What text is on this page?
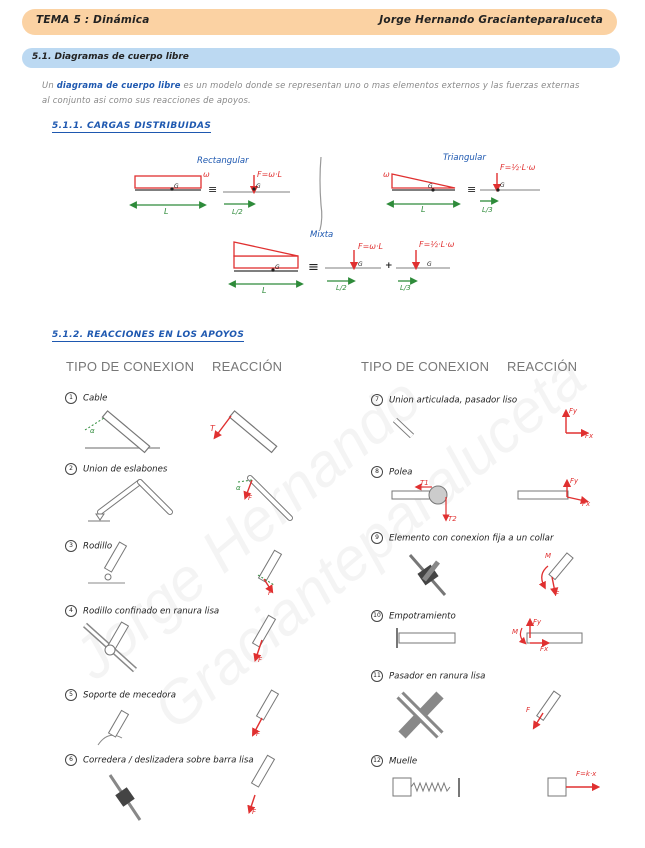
TEMA 5 : Dinámica	Jorge Hernando Gracianteparaluceta
5.1. Diagramas de cuerpo libre
Un diagrama de cuerpo libre es un modelo donde se representan uno o mas elementos externos y las fuerzas externas
al conjunto asi como sus reacciones de apoyos.
5.1.1. CARGAS DISTRIBUIDAS
Rectangular	Triangular
Mixta
ω
G
F=ω·L
G
L	L/2
≡
ω
G
F=½·L·ω
G
L	L/3
≡
G
L
≡
F=ω·L
G +
F=½·L·ω
G
L/2	L/3
5.1.2. REACCIONES EN LOS APOYOS
TIPO DE CONEXION REACCIÓN	TIPO DE CONEXION REACCIÓN
1 Cable
2 Union de eslabones
3 Rodillo
4 Rodillo confinado en ranura lisa
5 Soporte de mecedora
6 Corredera / deslizadera sobre barra lisa
7 Union articulada, pasador liso
8 Polea
9 Elemento con conexion fija a un collar
10 Empotramiento
11 Pasador en ranura lisa
12 Muelle
α	T
α
F
F
F
F
F
Fy
Fx
T1
T2
Fy
Fx
M
F
M
Fy
Fx
F
F=k·x
